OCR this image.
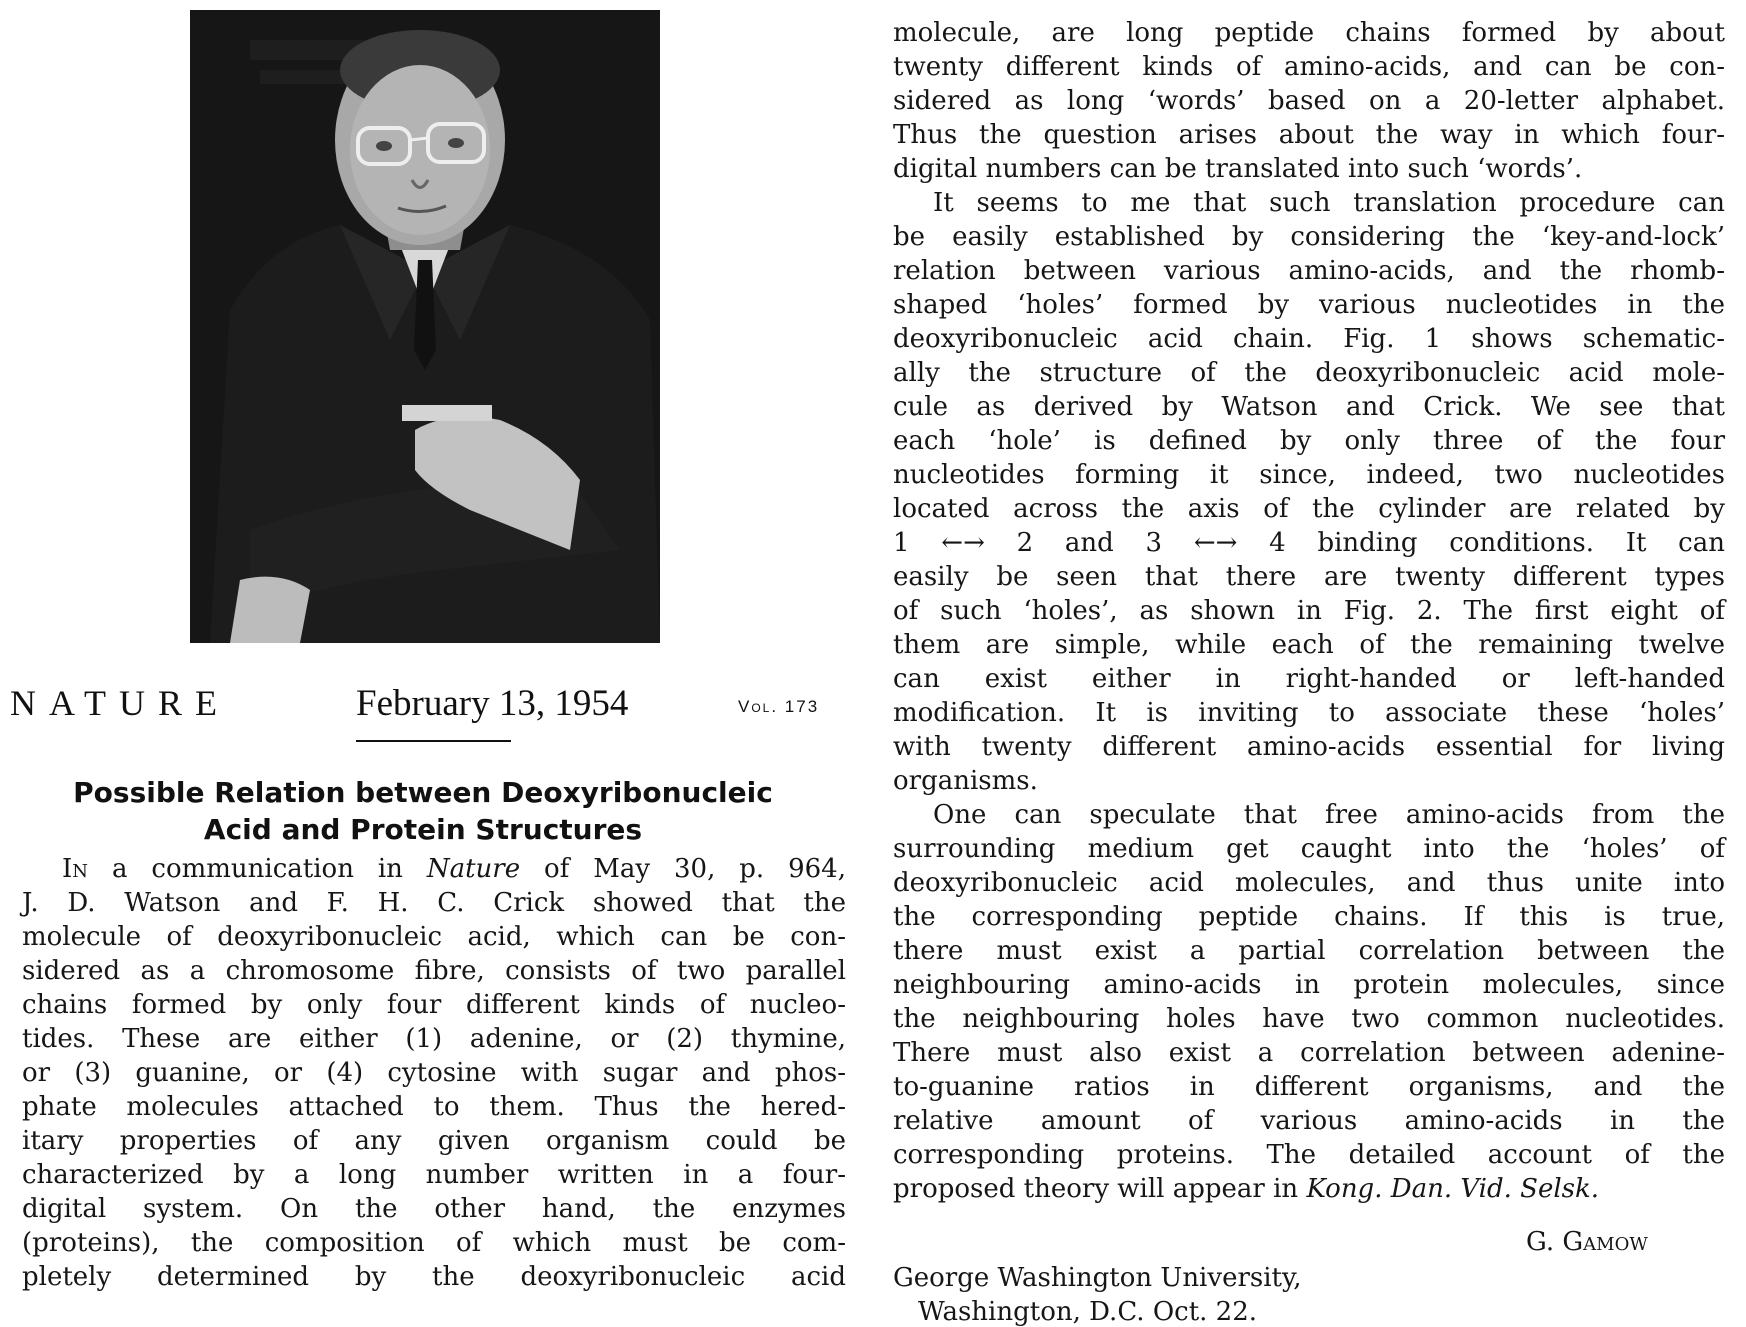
NATURE	February 13, 1954	Vol. 173
Possible Relation between Deoxyribonucleic
Acid and Protein Structures
In a communication in Nature of May 30, p. 964,
J. D. Watson and F. H. C. Crick showed that the
molecule of deoxyribonucleic acid, which can be con-
sidered as a chromosome fibre, consists of two parallel
chains formed by only four different kinds of nucleo-
tides. These are either (1) adenine, or (2) thymine,
or (3) guanine, or (4) cytosine with sugar and phos-
phate molecules attached to them. Thus the hered-
itary properties of any given organism could be
characterized by a long number written in a four-
digital system. On the other hand, the enzymes
(proteins), the composition of which must be com-
pletely determined by the deoxyribonucleic acid
molecule, are long peptide chains formed by about
twenty different kinds of amino-acids, and can be con-
sidered as long ‘words’ based on a 20-letter alphabet.
Thus the question arises about the way in which four-
digital numbers can be translated into such ‘words’.
It seems to me that such translation procedure can
be easily established by considering the ‘key-and-lock’
relation between various amino-acids, and the rhomb-
shaped ‘holes’ formed by various nucleotides in the
deoxyribonucleic acid chain. Fig. 1 shows schematic-
ally the structure of the deoxyribonucleic acid mole-
cule as derived by Watson and Crick. We see that
each ‘hole’ is defined by only three of the four
nucleotides forming it since, indeed, two nucleotides
located across the axis of the cylinder are related by
1 ←→ 2 and 3 ←→ 4 binding conditions. It can
easily be seen that there are twenty different types
of such ‘holes’, as shown in Fig. 2. The first eight of
them are simple, while each of the remaining twelve
can exist either in right-handed or left-handed
modification. It is inviting to associate these ‘holes’
with twenty different amino-acids essential for living
organisms.
One can speculate that free amino-acids from the
surrounding medium get caught into the ‘holes’ of
deoxyribonucleic acid molecules, and thus unite into
the corresponding peptide chains. If this is true,
there must exist a partial correlation between the
neighbouring amino-acids in protein molecules, since
the neighbouring holes have two common nucleotides.
There must also exist a correlation between adenine-
to-guanine ratios in different organisms, and the
relative amount of various amino-acids in the
corresponding proteins. The detailed account of the
proposed theory will appear in Kong. Dan. Vid. Selsk.
G. Gamow
George Washington University,
Washington, D.C. Oct. 22.
